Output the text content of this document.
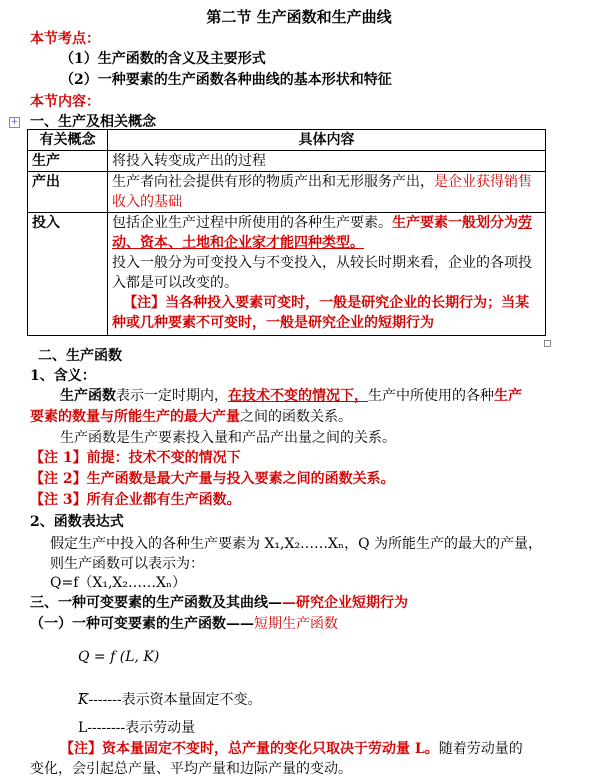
第二节 生产函数和生产曲线
本节考点：
（1）生产函数的含义及主要形式
（2）一种要素的生产函数各种曲线的基本形状和特征
本节内容：
+ 一、生产及相关概念
有关概念	具体内容
生产	将投入转变成产出的过程
产出	生产者向社会提供有形的物质产出和无形服务产出，是企业获得销售收入的基础
投入	包括企业生产过程中所使用的各种生产要素。生产要素一般划分为劳动、资本、土地和企业家才能四种类型。

投入一般分为可变投入与不变投入，从较长时期来看，企业的各项投入都是可以改变的。

【注】当各种投入要素可变时，一般是研究企业的长期行为；当某种或几种要素不可变时，一般是研究企业的短期行为

二、生产函数
1、含义：
生产函数表示一定时期内，在技术不变的情况下，生产中所使用的各种生产
要素的数量与所能生产的最大产量之间的函数关系。
生产函数是生产要素投入量和产品产出量之间的关系。
【注 1】前提：技术不变的情况下
【注 2】生产函数是最大产量与投入要素之间的函数关系。
【注 3】所有企业都有生产函数。
2、函数表达式
假定生产中投入的各种生产要素为 X₁,X₂……Xₙ，Q 为所能生产的最大的产量，
则生产函数可以表示为：
Q=f（X₁,X₂……Xₙ）
三、一种可变要素的生产函数及其曲线——研究企业短期行为
（一）一种可变要素的生产函数——短期生产函数
Q = f (L, K)
K-------表示资本量固定不变。
L--------表示劳动量
【注】资本量固定不变时，总产量的变化只取决于劳动量 L。随着劳动量的
变化，会引起总产量、平均产量和边际产量的变动。
